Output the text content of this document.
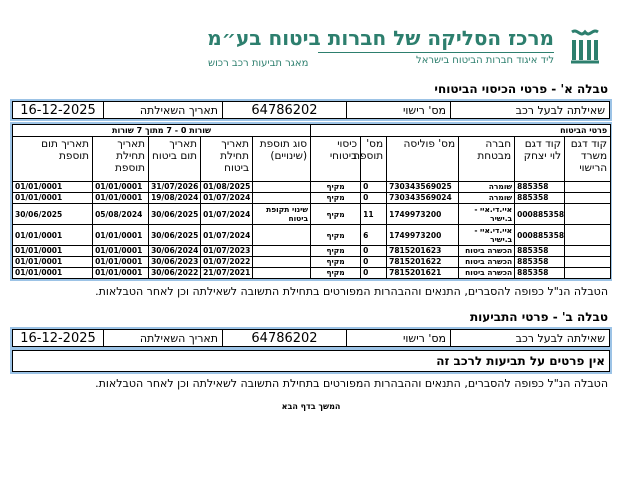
מרכז הסליקה של חברות ביטוח בע״מ
ליד איגוד חברות הביטוח בישראל
מאגר תביעות רכב רכוש
טבלה א' - פרטי הכיסוי הביטוחי
שאילתה לבעל רכב	מס' רישוי	64786202	תאריך השאילתה	16-12-2025
פרטי הביטוח						שורות 0 - 7 מתוך 7 שורות				
קוד דגם משרד הרישוי	קוד דגם לוי יצחק	חברה מבטחת	מס' פוליסה	מס' תוספת	כיסוי ביטוחי	סוג תוספת (שינויים)	תאריך תחילת ביטוח	תאריך תום ביטוח	תאריך תחילת תוספת	תאריך תום תוספת
	885358	שומרה	730343569025	0	מקיף		01/08/2025	31/07/2026	01/01/0001	01/01/0001
	885358	שומרה	730343569024	0	מקיף		01/07/2024	19/08/2024	01/01/0001	01/01/0001
	000885358	איי.די.איי - ב.ישיר	1749973200	11	מקיף	שינוי תקופת ביטוח	01/07/2024	30/06/2025	05/08/2024	30/06/2025
	000885358	איי.די.איי - ב.ישיר	1749973200	6	מקיף		01/07/2024	30/06/2025	01/01/0001	01/01/0001
	885358	הכשרה ביטוח	7815201623	0	מקיף		01/07/2023	30/06/2024	01/01/0001	01/01/0001
	885358	הכשרה ביטוח	7815201622	0	מקיף		01/07/2022	30/06/2023	01/01/0001	01/01/0001
	885358	הכשרה ביטוח	7815201621	0	מקיף		21/07/2021	30/06/2022	01/01/0001	01/01/0001
הטבלה הנ"ל כפופה להסברים, התנאים וההבהרות המפורטים בתחילת התשובה לשאילתה וכן לאחר הטבלאות.
טבלה ב' - פרטי התביעות
שאילתה לבעל רכב	מס' רישוי	64786202	תאריך השאילתה	16-12-2025
אין פרטים על תביעות לרכב זה
הטבלה הנ"ל כפופה להסברים, התנאים וההבהרות המפורטים בתחילת התשובה לשאילתה וכן לאחר הטבלאות.
המשך בדף הבא
